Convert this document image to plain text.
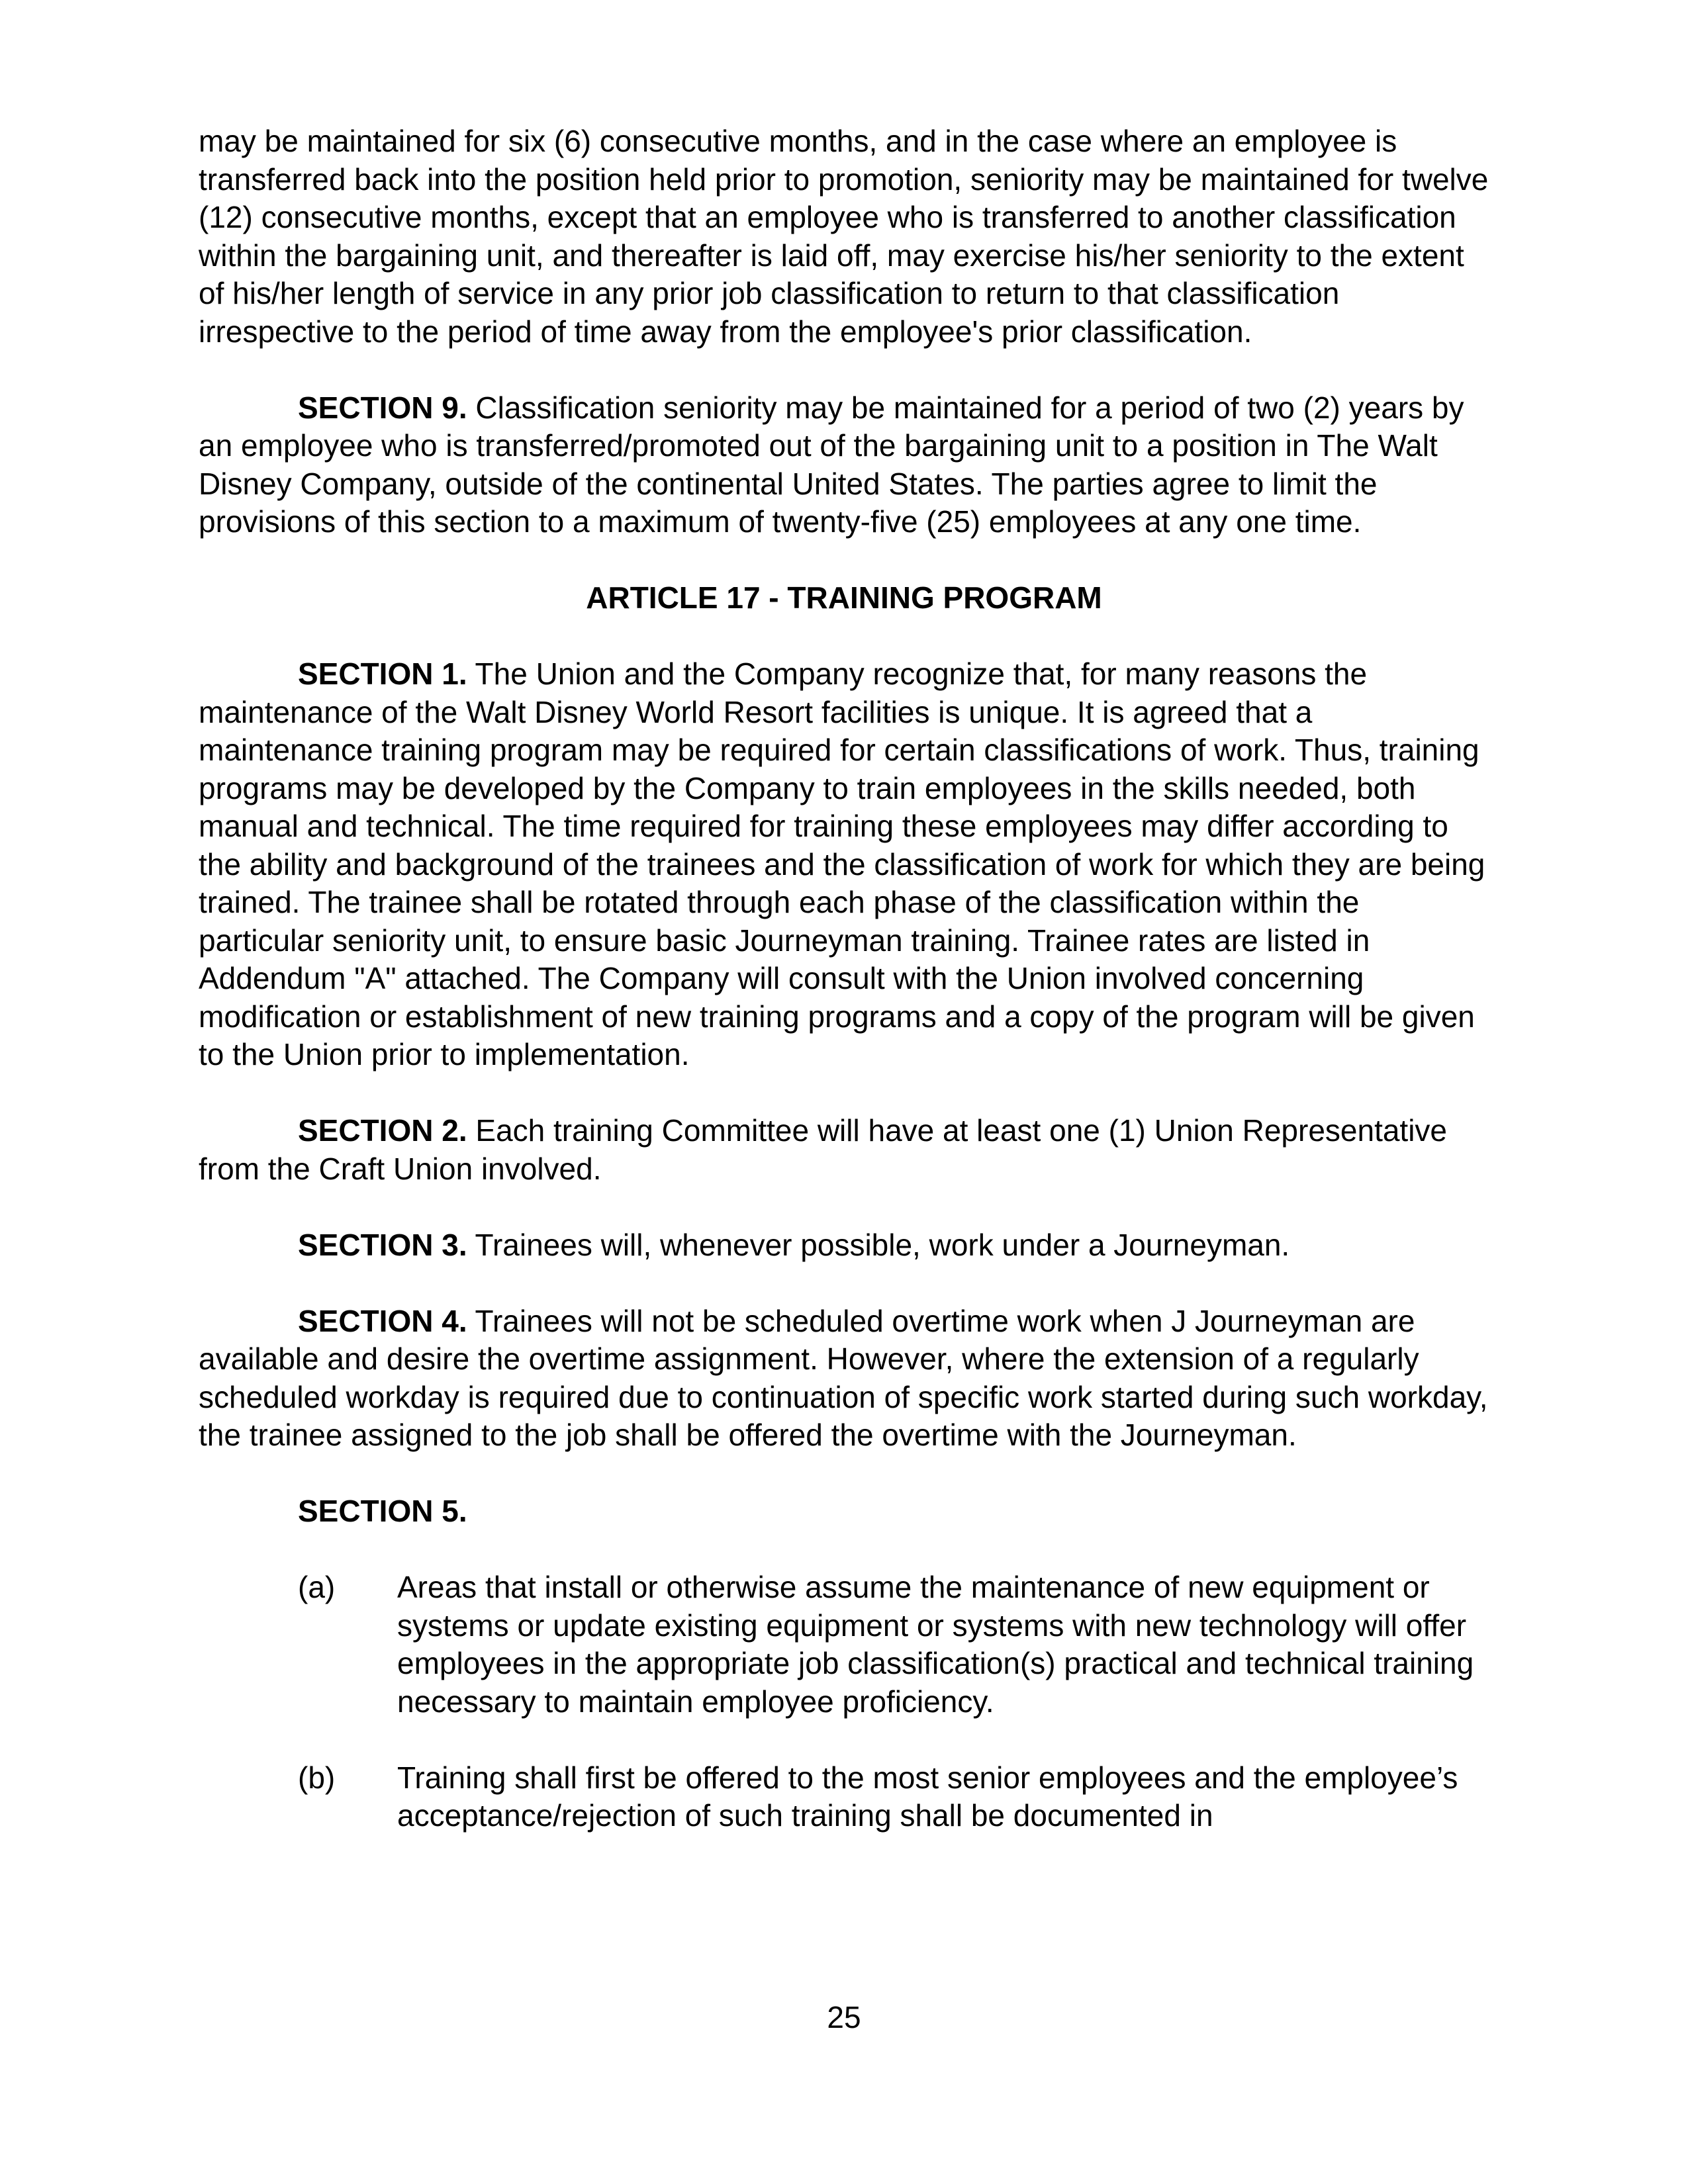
may be maintained for six (6) consecutive months, and in the case where an employee is transferred back into the position held prior to promotion, seniority may be maintained for twelve (12) consecutive months, except that an employee who is transferred to another classification within the bargaining unit, and thereafter is laid off, may exercise his/her seniority to the extent of his/her length of service in any prior job classification to return to that classification irrespective to the period of time away from the employee's prior classification.

SECTION 9. Classification seniority may be maintained for a period of two (2) years by an employee who is transferred/promoted out of the bargaining unit to a position in The Walt Disney Company, outside of the continental United States. The parties agree to limit the provisions of this section to a maximum of twenty-five (25) employees at any one time.

ARTICLE 17 - TRAINING PROGRAM

SECTION 1. The Union and the Company recognize that, for many reasons the maintenance of the Walt Disney World Resort facilities is unique. It is agreed that a maintenance training program may be required for certain classifications of work. Thus, training programs may be developed by the Company to train employees in the skills needed, both manual and technical. The time required for training these employees may differ according to the ability and background of the trainees and the classification of work for which they are being trained. The trainee shall be rotated through each phase of the classification within the particular seniority unit, to ensure basic Journeyman training. Trainee rates are listed in Addendum "A" attached. The Company will consult with the Union involved concerning modification or establishment of new training programs and a copy of the program will be given to the Union prior to implementation.

SECTION 2. Each training Committee will have at least one (1) Union Representative from the Craft Union involved.

SECTION 3. Trainees will, whenever possible, work under a Journeyman.

SECTION 4. Trainees will not be scheduled overtime work when J Journeyman are available and desire the overtime assignment. However, where the extension of a regularly scheduled workday is required due to continuation of specific work started during such workday, the trainee assigned to the job shall be offered the overtime with the Journeyman.

SECTION 5.

(a)	Areas that install or otherwise assume the maintenance of new equipment or systems or update existing equipment or systems with new technology will offer employees in the appropriate job classification(s) practical and technical training necessary to maintain employee proficiency.
(b)	Training shall first be offered to the most senior employees and the employee’s acceptance/rejection of such training shall be documented in
25
